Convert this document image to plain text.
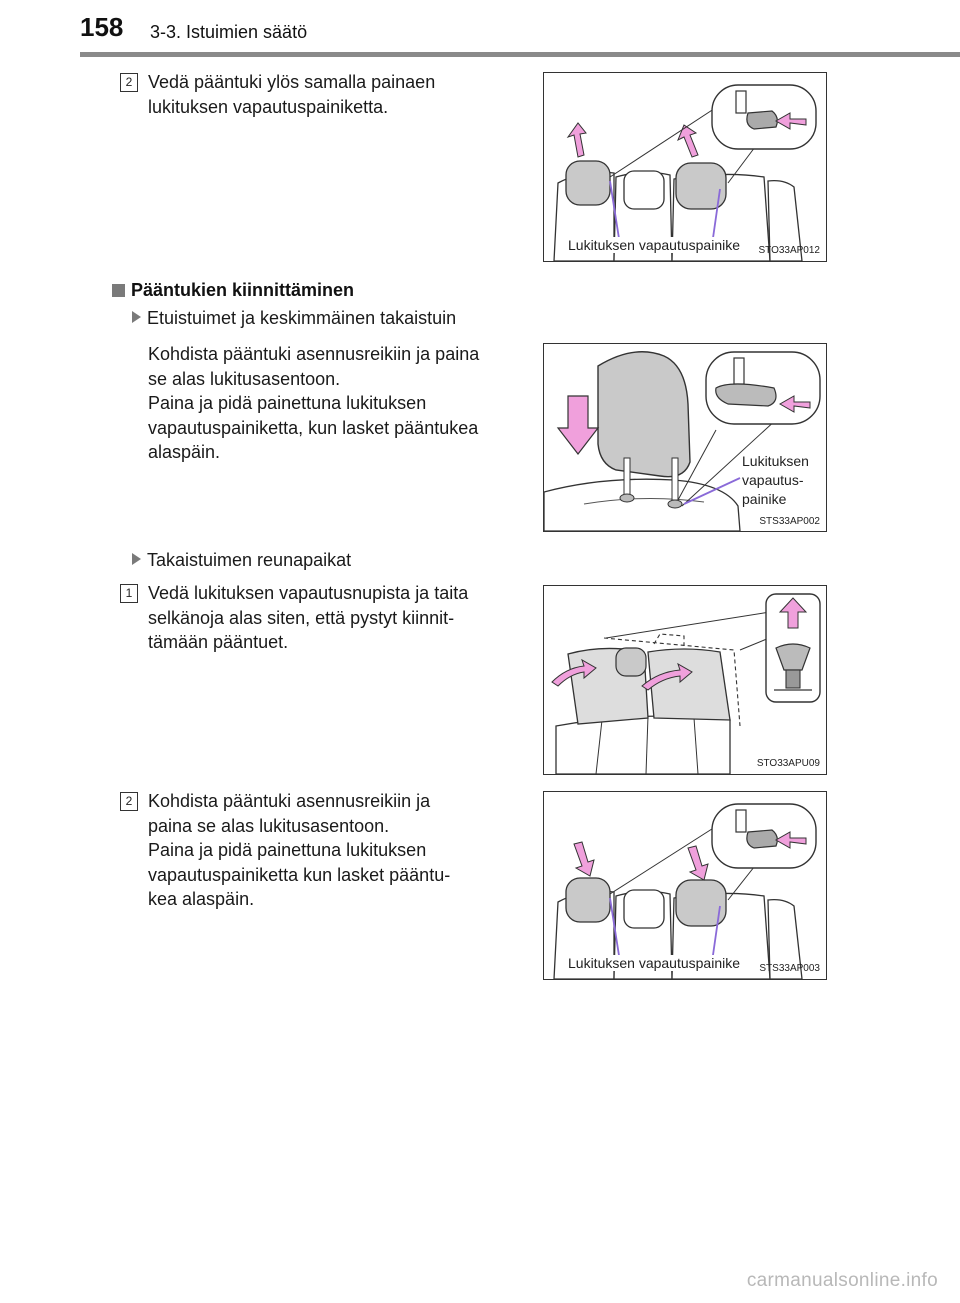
158 3-3. Istuimien säätö
2 Vedä pääntuki ylös samalla painaen
lukituksen vapautuspainiketta.
Lukituksen vapautuspainike STO33AP012
Pääntukien kiinnittäminen
Etuistuimet ja keskimmäinen takaistuin
Kohdista pääntuki asennusreikiin ja paina
se alas lukitusasentoon.
Paina ja pidä painettuna lukituksen
vapautuspainiketta, kun lasket pääntukea
alaspäin.	Lukituksen
vapautus-
painike
STS33AP002
Takaistuimen reunapaikat
1 Vedä lukituksen vapautusnupista ja taita
selkänoja alas siten, että pystyt kiinnit-
tämään pääntuet.
STO33APU09
2 Kohdista pääntuki asennusreikiin ja
paina se alas lukitusasentoon.
Paina ja pidä painettuna lukituksen
vapautuspainiketta kun lasket pääntu-
kea alaspäin.
Lukituksen vapautuspainike STS33AP003
carmanualsonline.info
